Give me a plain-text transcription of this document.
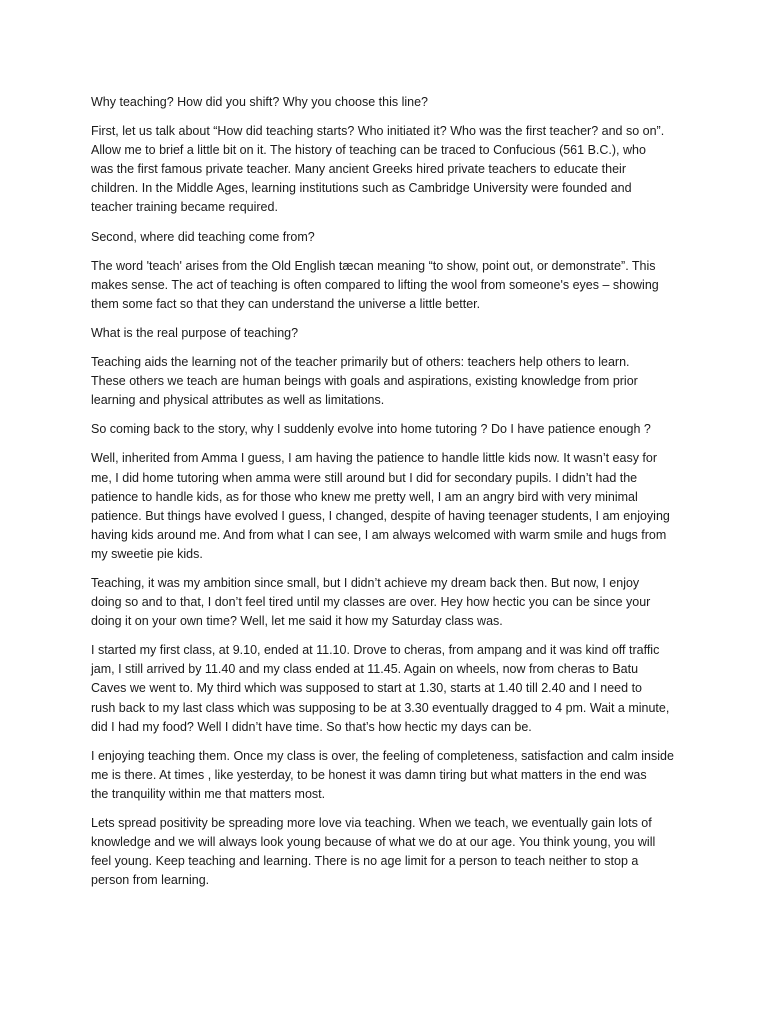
Why teaching? How did you shift? Why you choose this line?

First, let us talk about “How did teaching starts? Who initiated it? Who was the first teacher? and so on”.
Allow me to brief a little bit on it. The history of teaching can be traced to Confucious (561 B.C.), who
was the first famous private teacher. Many ancient Greeks hired private teachers to educate their
children. In the Middle Ages, learning institutions such as Cambridge University were founded and
teacher training became required.

Second, where did teaching come from?

The word 'teach' arises from the Old English tæcan meaning “to show, point out, or demonstrate”. This
makes sense. The act of teaching is often compared to lifting the wool from someone's eyes – showing
them some fact so that they can understand the universe a little better.

What is the real purpose of teaching?

Teaching aids the learning not of the teacher primarily but of others: teachers help others to learn.
These others we teach are human beings with goals and aspirations, existing knowledge from prior
learning and physical attributes as well as limitations.

So coming back to the story, why I suddenly evolve into home tutoring ? Do I have patience enough ?

Well, inherited from Amma I guess, I am having the patience to handle little kids now. It wasn’t easy for
me, I did home tutoring when amma were still around but I did for secondary pupils. I didn’t had the
patience to handle kids, as for those who knew me pretty well, I am an angry bird with very minimal
patience. But things have evolved I guess, I changed, despite of having teenager students, I am enjoying
having kids around me. And from what I can see, I am always welcomed with warm smile and hugs from
my sweetie pie kids.

Teaching, it was my ambition since small, but I didn’t achieve my dream back then. But now, I enjoy
doing so and to that, I don’t feel tired until my classes are over. Hey how hectic you can be since your
doing it on your own time? Well, let me said it how my Saturday class was.

I started my first class, at 9.10, ended at 11.10. Drove to cheras, from ampang and it was kind off traffic
jam, I still arrived by 11.40 and my class ended at 11.45. Again on wheels, now from cheras to Batu
Caves we went to. My third which was supposed to start at 1.30, starts at 1.40 till 2.40 and I need to
rush back to my last class which was supposing to be at 3.30 eventually dragged to 4 pm. Wait a minute,
did I had my food? Well I didn’t have time. So that’s how hectic my days can be.

I enjoying teaching them. Once my class is over, the feeling of completeness, satisfaction and calm inside
me is there. At times , like yesterday, to be honest it was damn tiring but what matters in the end was
the tranquility within me that matters most.

Lets spread positivity be spreading more love via teaching. When we teach, we eventually gain lots of
knowledge and we will always look young because of what we do at our age. You think young, you will
feel young. Keep teaching and learning. There is no age limit for a person to teach neither to stop a
person from learning.
